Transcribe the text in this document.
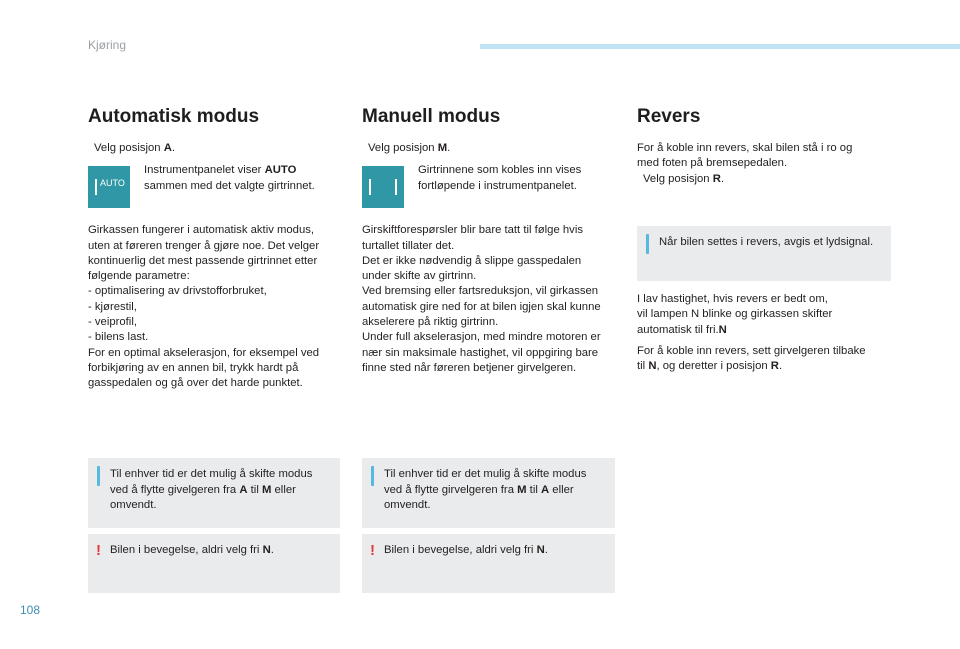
Kjøring
108
Automatisk modus
Velg posisjon A.
AUTO
Instrumentpanelet viser AUTO
sammen med det valgte girtrinnet.
Girkassen fungerer i automatisk aktiv modus,
uten at føreren trenger å gjøre noe. Det velger
kontinuerlig det mest passende girtrinnet etter
følgende parametre:
- optimalisering av drivstofforbruket,
- kjørestil,
- veiprofil,
- bilens last.
For en optimal akselerasjon, for eksempel ved
forbikjøring av en annen bil, trykk hardt på
gasspedalen og gå over det harde punktet.
Til enhver tid er det mulig å skifte modus
ved å flytte givelgeren fra A til M eller
omvendt.
! Bilen i bevegelse, aldri velg fri N.
Manuell modus
Velg posisjon M.
Girtrinnene som kobles inn vises
fortløpende i instrumentpanelet.
Girskiftforespørsler blir bare tatt til følge hvis
turtallet tillater det.
Det er ikke nødvendig å slippe gasspedalen
under skifte av girtrinn.
Ved bremsing eller fartsreduksjon, vil girkassen
automatisk gire ned for at bilen igjen skal kunne
akselerere på riktig girtrinn.
Under full akselerasjon, med mindre motoren er
nær sin maksimale hastighet, vil oppgiring bare
finne sted når føreren betjener girvelgeren.
Til enhver tid er det mulig å skifte modus
ved å flytte girvelgeren fra M til A eller
omvendt.
! Bilen i bevegelse, aldri velg fri N.
Revers
For å koble inn revers, skal bilen stå i ro og
med foten på bremsepedalen.
Velg posisjon R.
Når bilen settes i revers, avgis et lydsignal.
I lav hastighet, hvis revers er bedt om,
vil lampen N blinke og girkassen skifter
automatisk til fri.N
For å koble inn revers, sett girvelgeren tilbake
til N, og deretter i posisjon R.
